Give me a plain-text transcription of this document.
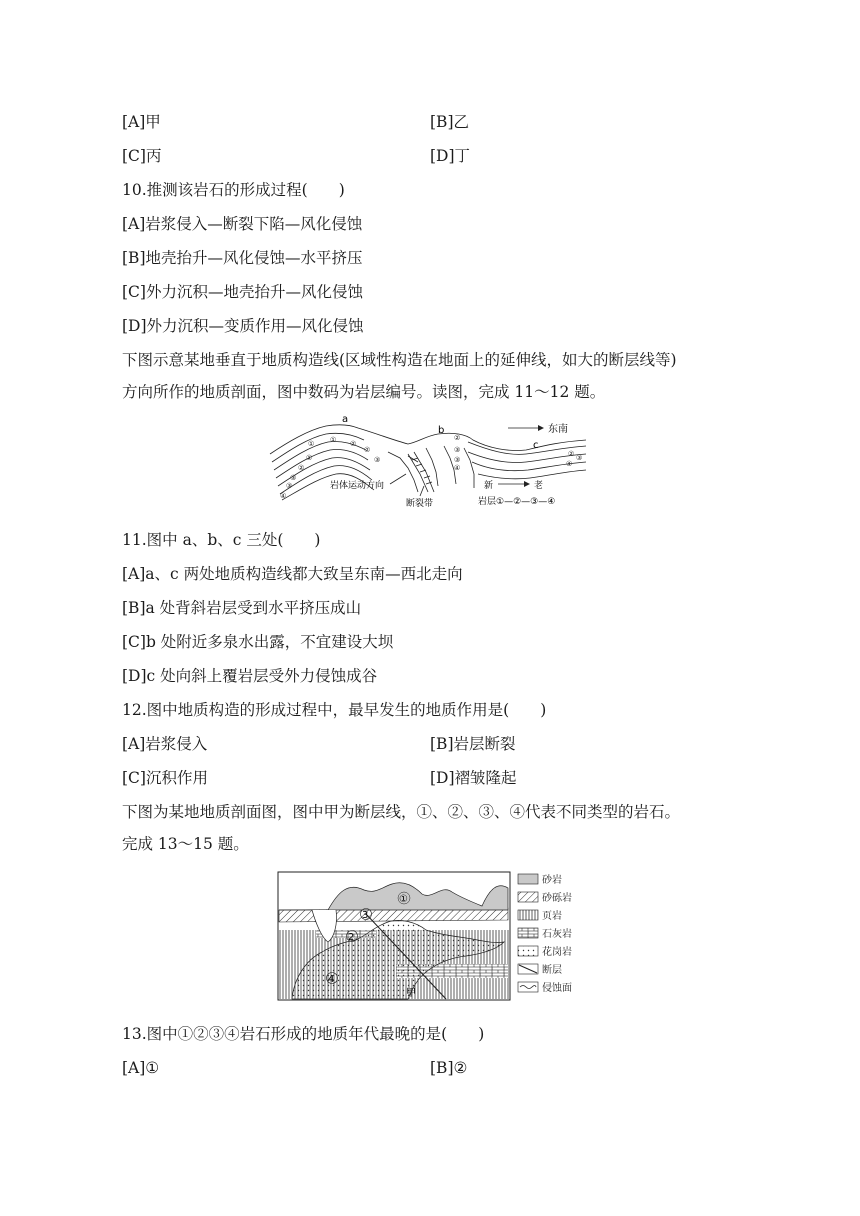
[A]甲	[B]乙
[C]丙	[D]丁
10.推测该岩石的形成过程(　　)
[A]岩浆侵入—断裂下陷—风化侵蚀
[B]地壳抬升—风化侵蚀—水平挤压
[C]外力沉积—地壳抬升—风化侵蚀
[D]外力沉积—变质作用—风化侵蚀
下图示意某地垂直于地质构造线(区域性构造在地面上的延伸线，如大的断层线等)
方向所作的地质剖面，图中数码为岩层编号。读图，完成 11～12 题。
a
b
c
东南
① ① ②
②
③
①
②
③
③
④
②
③
③
④
② ③
④
岩体运动方向
断裂带
新	老
岩层①—②—③—④
11.图中 a、b、c 三处(　　)
[A]a、c 两处地质构造线都大致呈东南—西北走向
[B]a 处背斜岩层受到水平挤压成山
[C]b 处附近多泉水出露，不宜建设大坝
[D]c 处向斜上覆岩层受外力侵蚀成谷
12.图中地质构造的形成过程中，最早发生的地质作用是(　　)
[A]岩浆侵入	[B]岩层断裂
[C]沉积作用	[D]褶皱隆起
下图为某地地质剖面图，图中甲为断层线，①、②、③、④代表不同类型的岩石。
完成 13～15 题。
①
3
2
4
甲
砂岩
砂砾岩
页岩
石灰岩
花岗岩
断层
侵蚀面
13.图中①②③④岩石形成的地质年代最晚的是(　　)
[A]①	[B]②
